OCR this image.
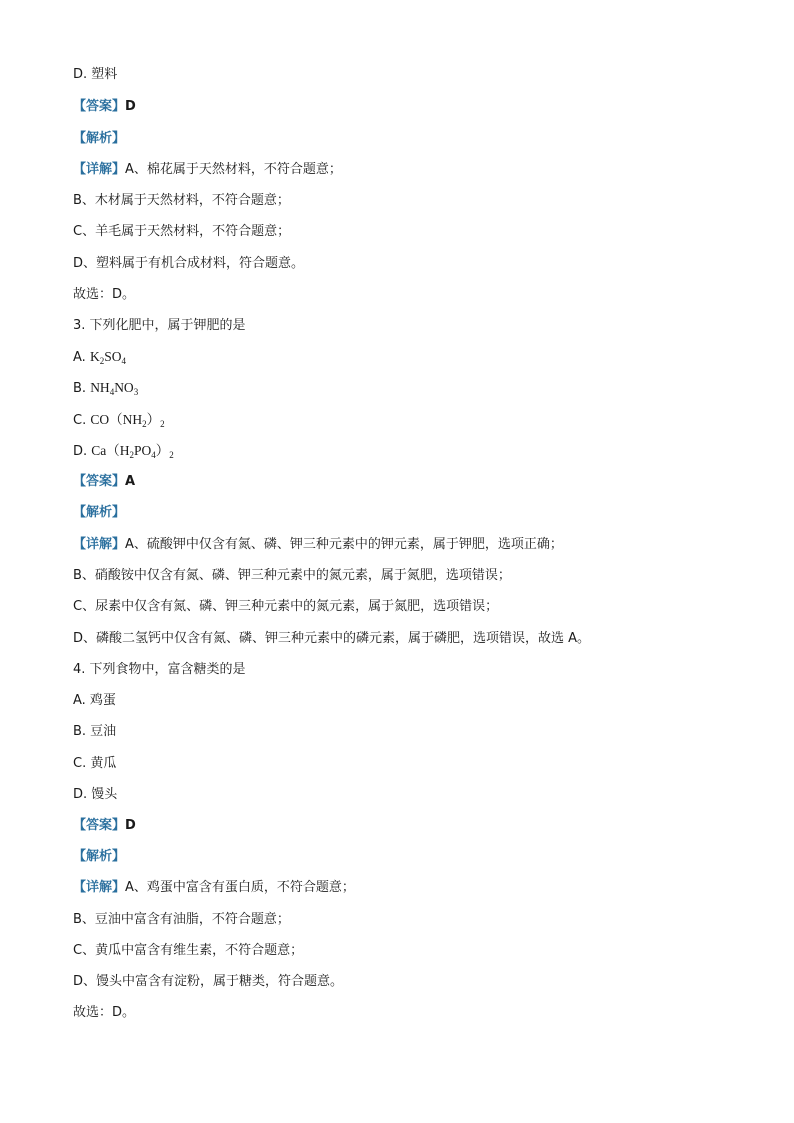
D. 塑料
【答案】D
【解析】
【详解】A、棉花属于天然材料，不符合题意；
B、木材属于天然材料，不符合题意；
C、羊毛属于天然材料，不符合题意；
D、塑料属于有机合成材料，符合题意。
故选：D。
3. 下列化肥中，属于钾肥的是
A. $K_2SO_4$
B. $NH_4NO_3$
C. $CO(NH_2)_2$
D. $Ca(H_2PO_4)_2$
【答案】A
【解析】
【详解】A、硫酸钾中仅含有氮、磷、钾三种元素中的钾元素，属于钾肥，选项正确；
B、硝酸铵中仅含有氮、磷、钾三种元素中的氮元素，属于氮肥，选项错误；
C、尿素中仅含有氮、磷、钾三种元素中的氮元素，属于氮肥，选项错误；
D、磷酸二氢钙中仅含有氮、磷、钾三种元素中的磷元素，属于磷肥，选项错误，故选 A。
4. 下列食物中，富含糖类的是
A. 鸡蛋
B. 豆油
C. 黄瓜
D. 馒头
【答案】D
【解析】
【详解】A、鸡蛋中富含有蛋白质，不符合题意；
B、豆油中富含有油脂，不符合题意；
C、黄瓜中富含有维生素，不符合题意；
D、馒头中富含有淀粉，属于糖类，符合题意。
故选：D。
